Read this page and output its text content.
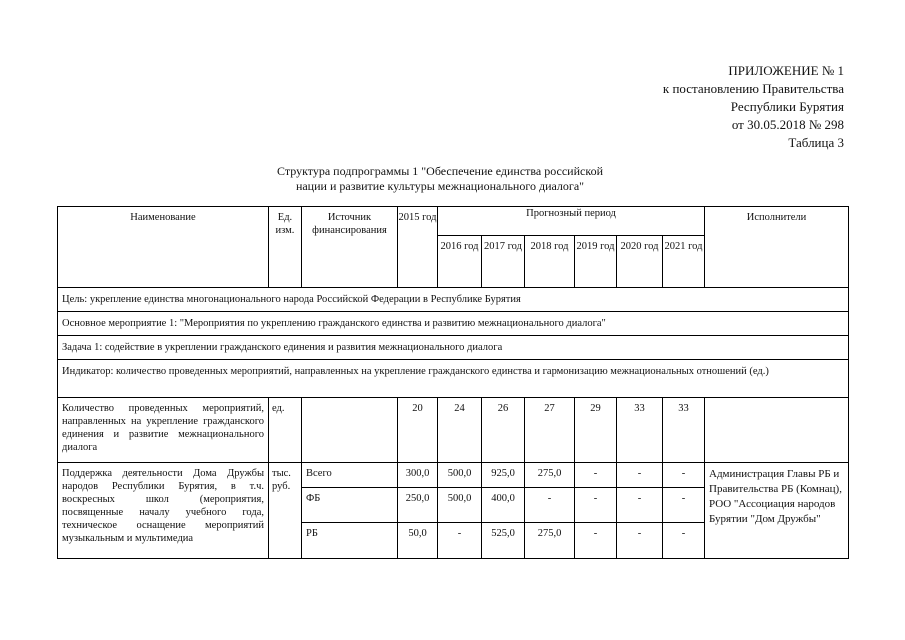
ПРИЛОЖЕНИЕ № 1
к постановлению Правительства
Республики Бурятия
от 30.05.2018 № 298
Таблица 3
Структура подпрограммы 1 "Обеспечение единства российской
нации и развитие культуры межнационального диалога"
Наименование	Ед. изм.	Источник финансирования	2015 год	Прогнозный период						Исполнители

				2016 год	2017 год	2018 год	2019 год	2020 год	2021 год	

Цель: укрепление единства многонационального народа Российской Федерации в Республике Бурятия										
Основное мероприятие 1: "Мероприятия по укреплению гражданского единства и развитию межнационального диалога"										
Задача 1: содействие в укреплении гражданского единения и развития межнационального диалога										
Индикатор: количество проведенных мероприятий, направленных на укрепление гражданского единства и гармонизацию межнациональных отношений (ед.)										
Количество проведенных мероприятий, направленных на укрепление гражданского единения и развитие межнационального диалога	ед.		20	24	26	27	29	33	33	
Поддержка деятельности Дома Дружбы народов Республики Бурятия, в т.ч. воскресных школ (мероприятия, посвященные началу учебного года, техническое оснащение мероприятий музыкальным и мультимедиа	тыс. руб.	Всего	300,0	500,0	925,0	275,0	-	-	-	Администрация Главы РБ и Правительства РБ (Комнац), РОО "Ассоциация народов Бурятии "Дом Дружбы"
		ФБ	250,0	500,0	400,0	-	-	-	-	
		РБ	50,0	-	525,0	275,0	-	-	-	
